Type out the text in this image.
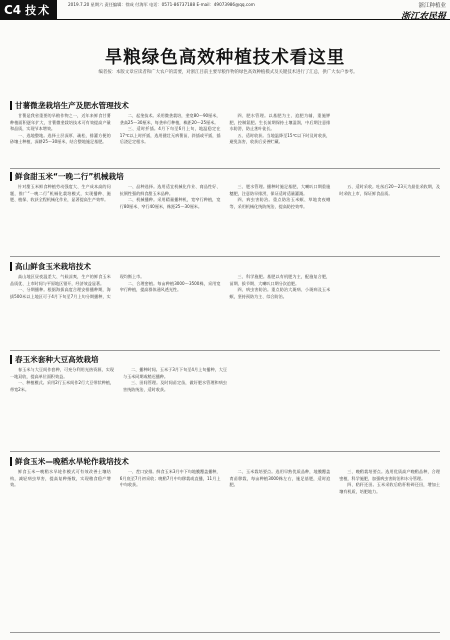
C4 技术	2019.7.20 星期六 责任编辑：徐成 付海军 电话：0571-86737188 E-mail：49073986@qq.com	浙江种植业
浙江农民报
旱粮绿色高效种植技术看这里
编者按：本版文章应读者和广大农户的需要，对浙江目前主要旱粮作物的绿色高效种植模式及关键技术进行了汇总，供广大农户参考。
甘薯微垄栽培生产及肥水管理技术

甘薯是我省重要的旱粮作物之一，近年来鲜食甘薯种植面积逐年扩大，甘薯微垄栽培技术可有效提高产量和品质，实现节本增效。

一、选地整地。选择土层深厚、疏松、排灌方便的砂壤土种植，深耕25～30厘米，结合整地施足基肥。

二、起垄技术。采用微垄栽培，垄宽80～90厘米，垄高25～30厘米，每垄单行种植，株距20～25厘米。

三、适时扦插。4月下旬至6月上旬，地温稳定在17℃以上时扦插，选用健壮无病薯苗，斜插或平插，插后浇足定根水。

四、肥水管理。以基肥为主、追肥为辅，重施钾肥，控制氮肥。生长前期保持土壤湿润，中后期注意排水防涝，防止茎叶徒长。

五、适时收获。当地温降至15℃以下时及时收获，避免冻害，收获后妥善贮藏。

鲜食甜玉米“一晚二行”机械栽培

针对甜玉米鲜食种植劳动强度大、生产成本高的问题，推广“一晚二行”机械化栽培模式，实现播种、施肥、植保、收获全程机械化作业，显著提高生产效率。

一、品种选择。选用适宜机械化作业、商品性好、抗倒性强的鲜食甜玉米品种。

二、机械播种。采用精量播种机，宽窄行种植，宽行80厘米、窄行40厘米，株距25～30厘米。

三、肥水管理。播种时施足基肥，大喇叭口期重施穗肥，注意防旱排涝，保证适时适量灌溉。

四、病虫害防治。重点防治玉米螟、草地贪夜蛾等，采用机械化统防统治，提高防控效率。

五、适时采收。吐丝后20～23天为最佳采收期，及时采收上市，保证鲜食品质。

高山鲜食玉米栽培技术

高山地区昼夜温差大、气候凉爽，生产的鲜食玉米品质优、上市时间与平原地区错开，经济效益显著。

一、分期播种。根据海拔高度合理安排播种期，海拔500米以上地区可于4月下旬至7月上旬分期播种，实现均衡上市。

二、合理密植。每亩种植3000～3500株，采用宽窄行种植，提高群体通风透光性。

三、科学施肥。基肥以有机肥为主，配施复合肥，苗期、拔节期、大喇叭口期分次追肥。

四、病虫害防治。重点防治大斑病、小斑病及玉米螟，坚持预防为主、综合防治。

春玉米套种大豆高效栽培

春玉米与大豆间作套种，可充分利用光热资源，实现一地双收，提高单位面积效益。

一、种植模式。采用2行玉米间作2行大豆带状种植，带宽2米。

二、播种时间。玉米于3月下旬至4月上旬播种，大豆与玉米同期或稍迟播种。

三、田间管理。及时间苗定苗，做好肥水管理和病虫害统防统治，适时收获。

鲜食玉米—晚稻水旱轮作栽培技术

鲜食玉米—晚稻水旱轮作模式可有效改善土壤结构，减轻病虫草害，提高复种指数，实现粮食稳产增效。

一、茬口安排。鲜食玉米3月中下旬地膜覆盖播种，6月底至7月初采收；晚稻7月中旬移栽或直播，11月上中旬收获。

二、玉米栽培要点。选用早熟优质品种，地膜覆盖育苗移栽，每亩种植3000株左右，施足基肥，适时追肥。

三、晚稻栽培要点。选用优质高产晚稻品种，合理密植，科学施肥，加强病虫害防治和水分管理。

四、秸秆还田。玉米采收后秸秆粉碎还田，增加土壤有机质，培肥地力。
